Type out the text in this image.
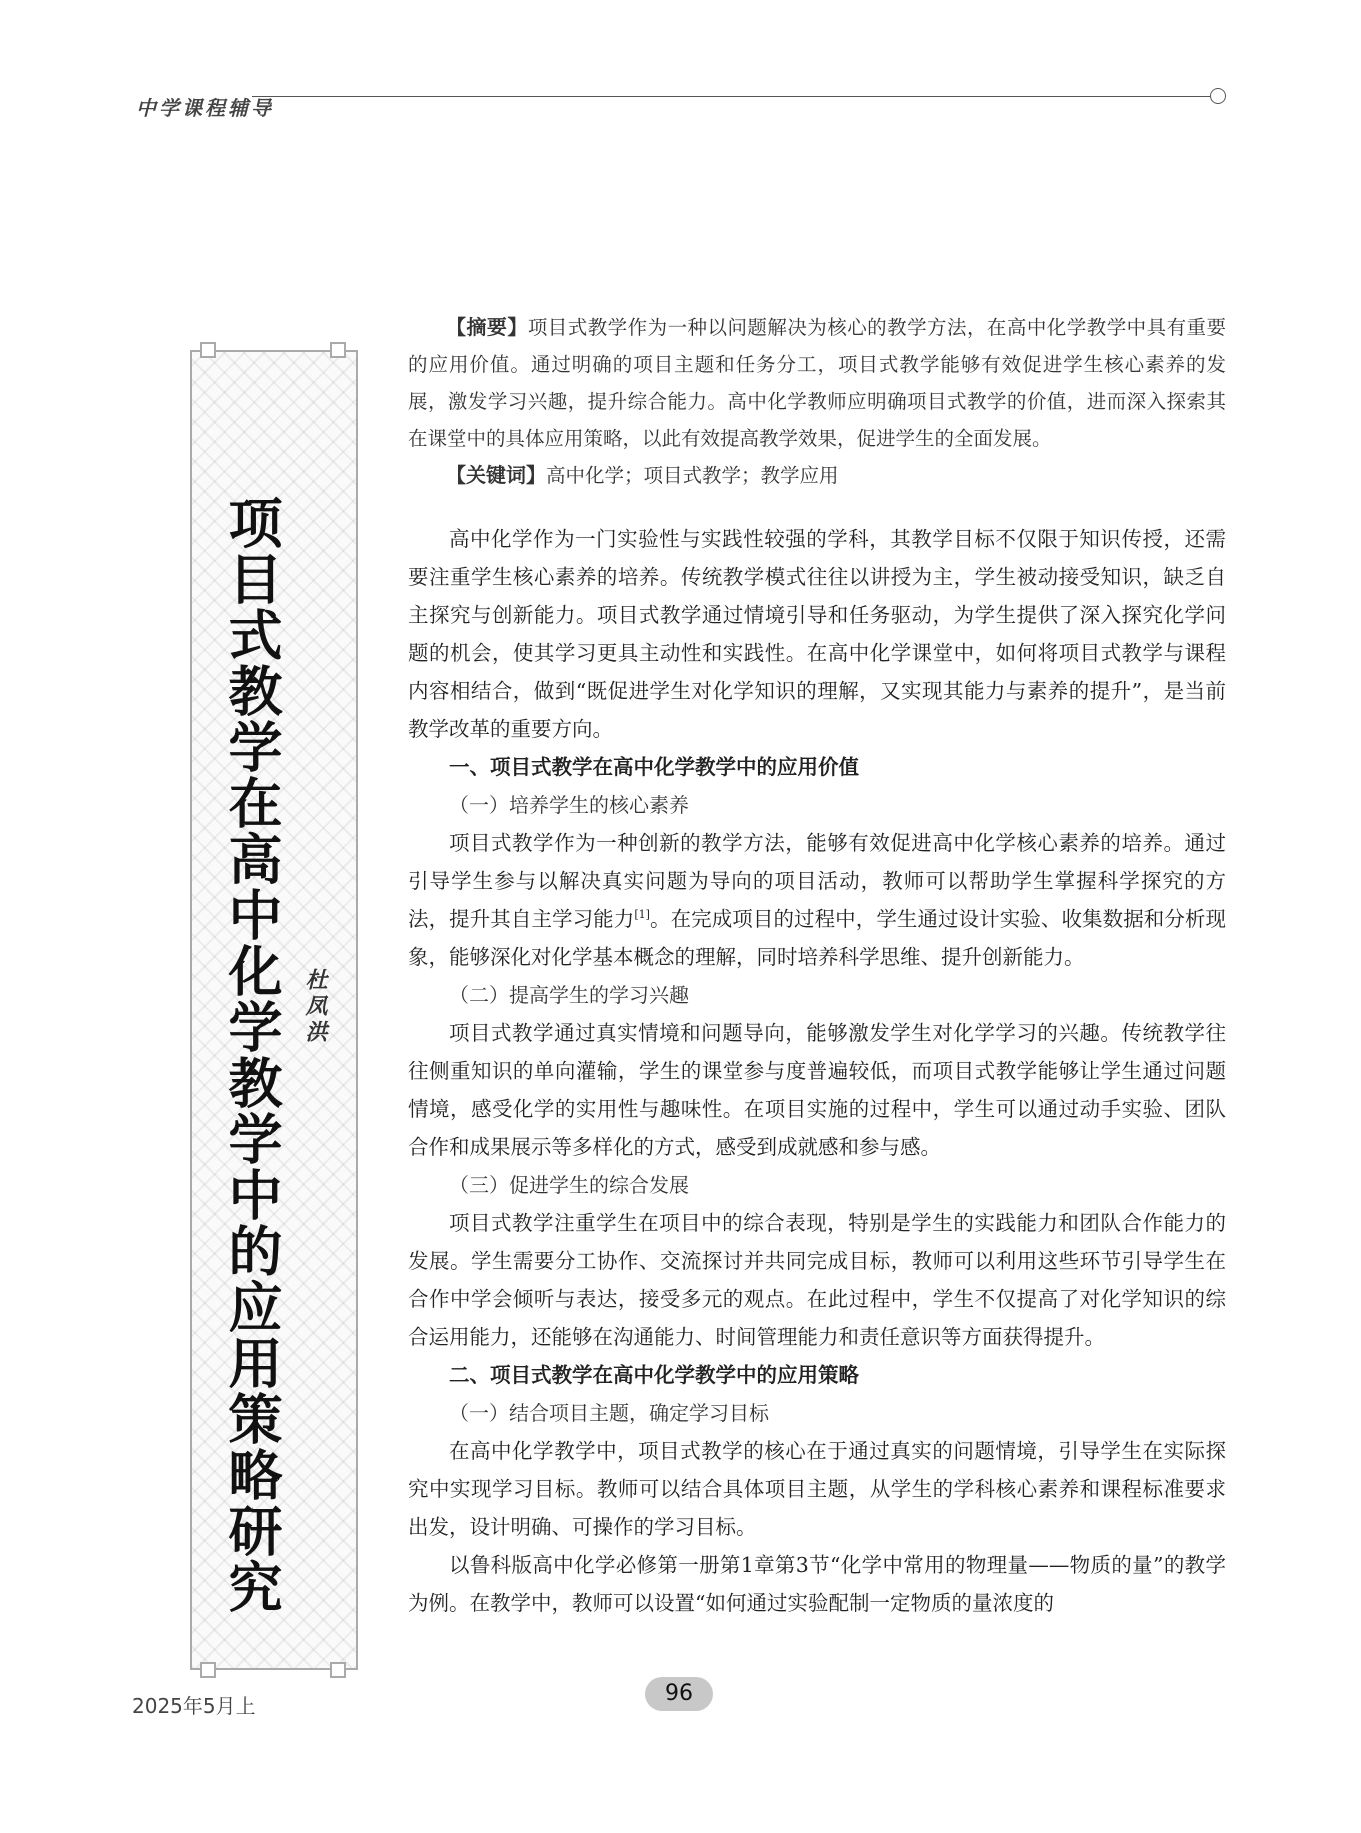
中学课程辅导
项目式教学在高中化学教学中的应用策略研究 杜凤洪

【摘要】项目式教学作为一种以问题解决为核心的教学方法，在高中化学教学中具有重要的应用价值。通过明确的项目主题和任务分工，项目式教学能够有效促进学生核心素养的发展，激发学习兴趣，提升综合能力。高中化学教师应明确项目式教学的价值，进而深入探索其在课堂中的具体应用策略，以此有效提高教学效果，促进学生的全面发展。

【关键词】高中化学；项目式教学；教学应用

高中化学作为一门实验性与实践性较强的学科，其教学目标不仅限于知识传授，还需要注重学生核心素养的培养。传统教学模式往往以讲授为主，学生被动接受知识，缺乏自主探究与创新能力。项目式教学通过情境引导和任务驱动，为学生提供了深入探究化学问题的机会，使其学习更具主动性和实践性。在高中化学课堂中，如何将项目式教学与课程内容相结合，做到“既促进学生对化学知识的理解，又实现其能力与素养的提升”，是当前教学改革的重要方向。

一、项目式教学在高中化学教学中的应用价值
（一）培养学生的核心素养

项目式教学作为一种创新的教学方法，能够有效促进高中化学核心素养的培养。通过引导学生参与以解决真实问题为导向的项目活动，教师可以帮助学生掌握科学探究的方法，提升其自主学习能力[1]。在完成项目的过程中，学生通过设计实验、收集数据和分析现象，能够深化对化学基本概念的理解，同时培养科学思维、提升创新能力。

（二）提高学生的学习兴趣

项目式教学通过真实情境和问题导向，能够激发学生对化学学习的兴趣。传统教学往往侧重知识的单向灌输，学生的课堂参与度普遍较低，而项目式教学能够让学生通过问题情境，感受化学的实用性与趣味性。在项目实施的过程中，学生可以通过动手实验、团队合作和成果展示等多样化的方式，感受到成就感和参与感。

（三）促进学生的综合发展

项目式教学注重学生在项目中的综合表现，特别是学生的实践能力和团队合作能力的发展。学生需要分工协作、交流探讨并共同完成目标，教师可以利用这些环节引导学生在合作中学会倾听与表达，接受多元的观点。在此过程中，学生不仅提高了对化学知识的综合运用能力，还能够在沟通能力、时间管理能力和责任意识等方面获得提升。

二、项目式教学在高中化学教学中的应用策略
（一）结合项目主题，确定学习目标

在高中化学教学中，项目式教学的核心在于通过真实的问题情境，引导学生在实际探究中实现学习目标。教师可以结合具体项目主题，从学生的学科核心素养和课程标准要求出发，设计明确、可操作的学习目标。

以鲁科版高中化学必修第一册第1章第3节“化学中常用的物理量——物质的量”的教学为例。在教学中，教师可以设置“如何通过实验配制一定物质的量浓度的

2025年5月上	96
